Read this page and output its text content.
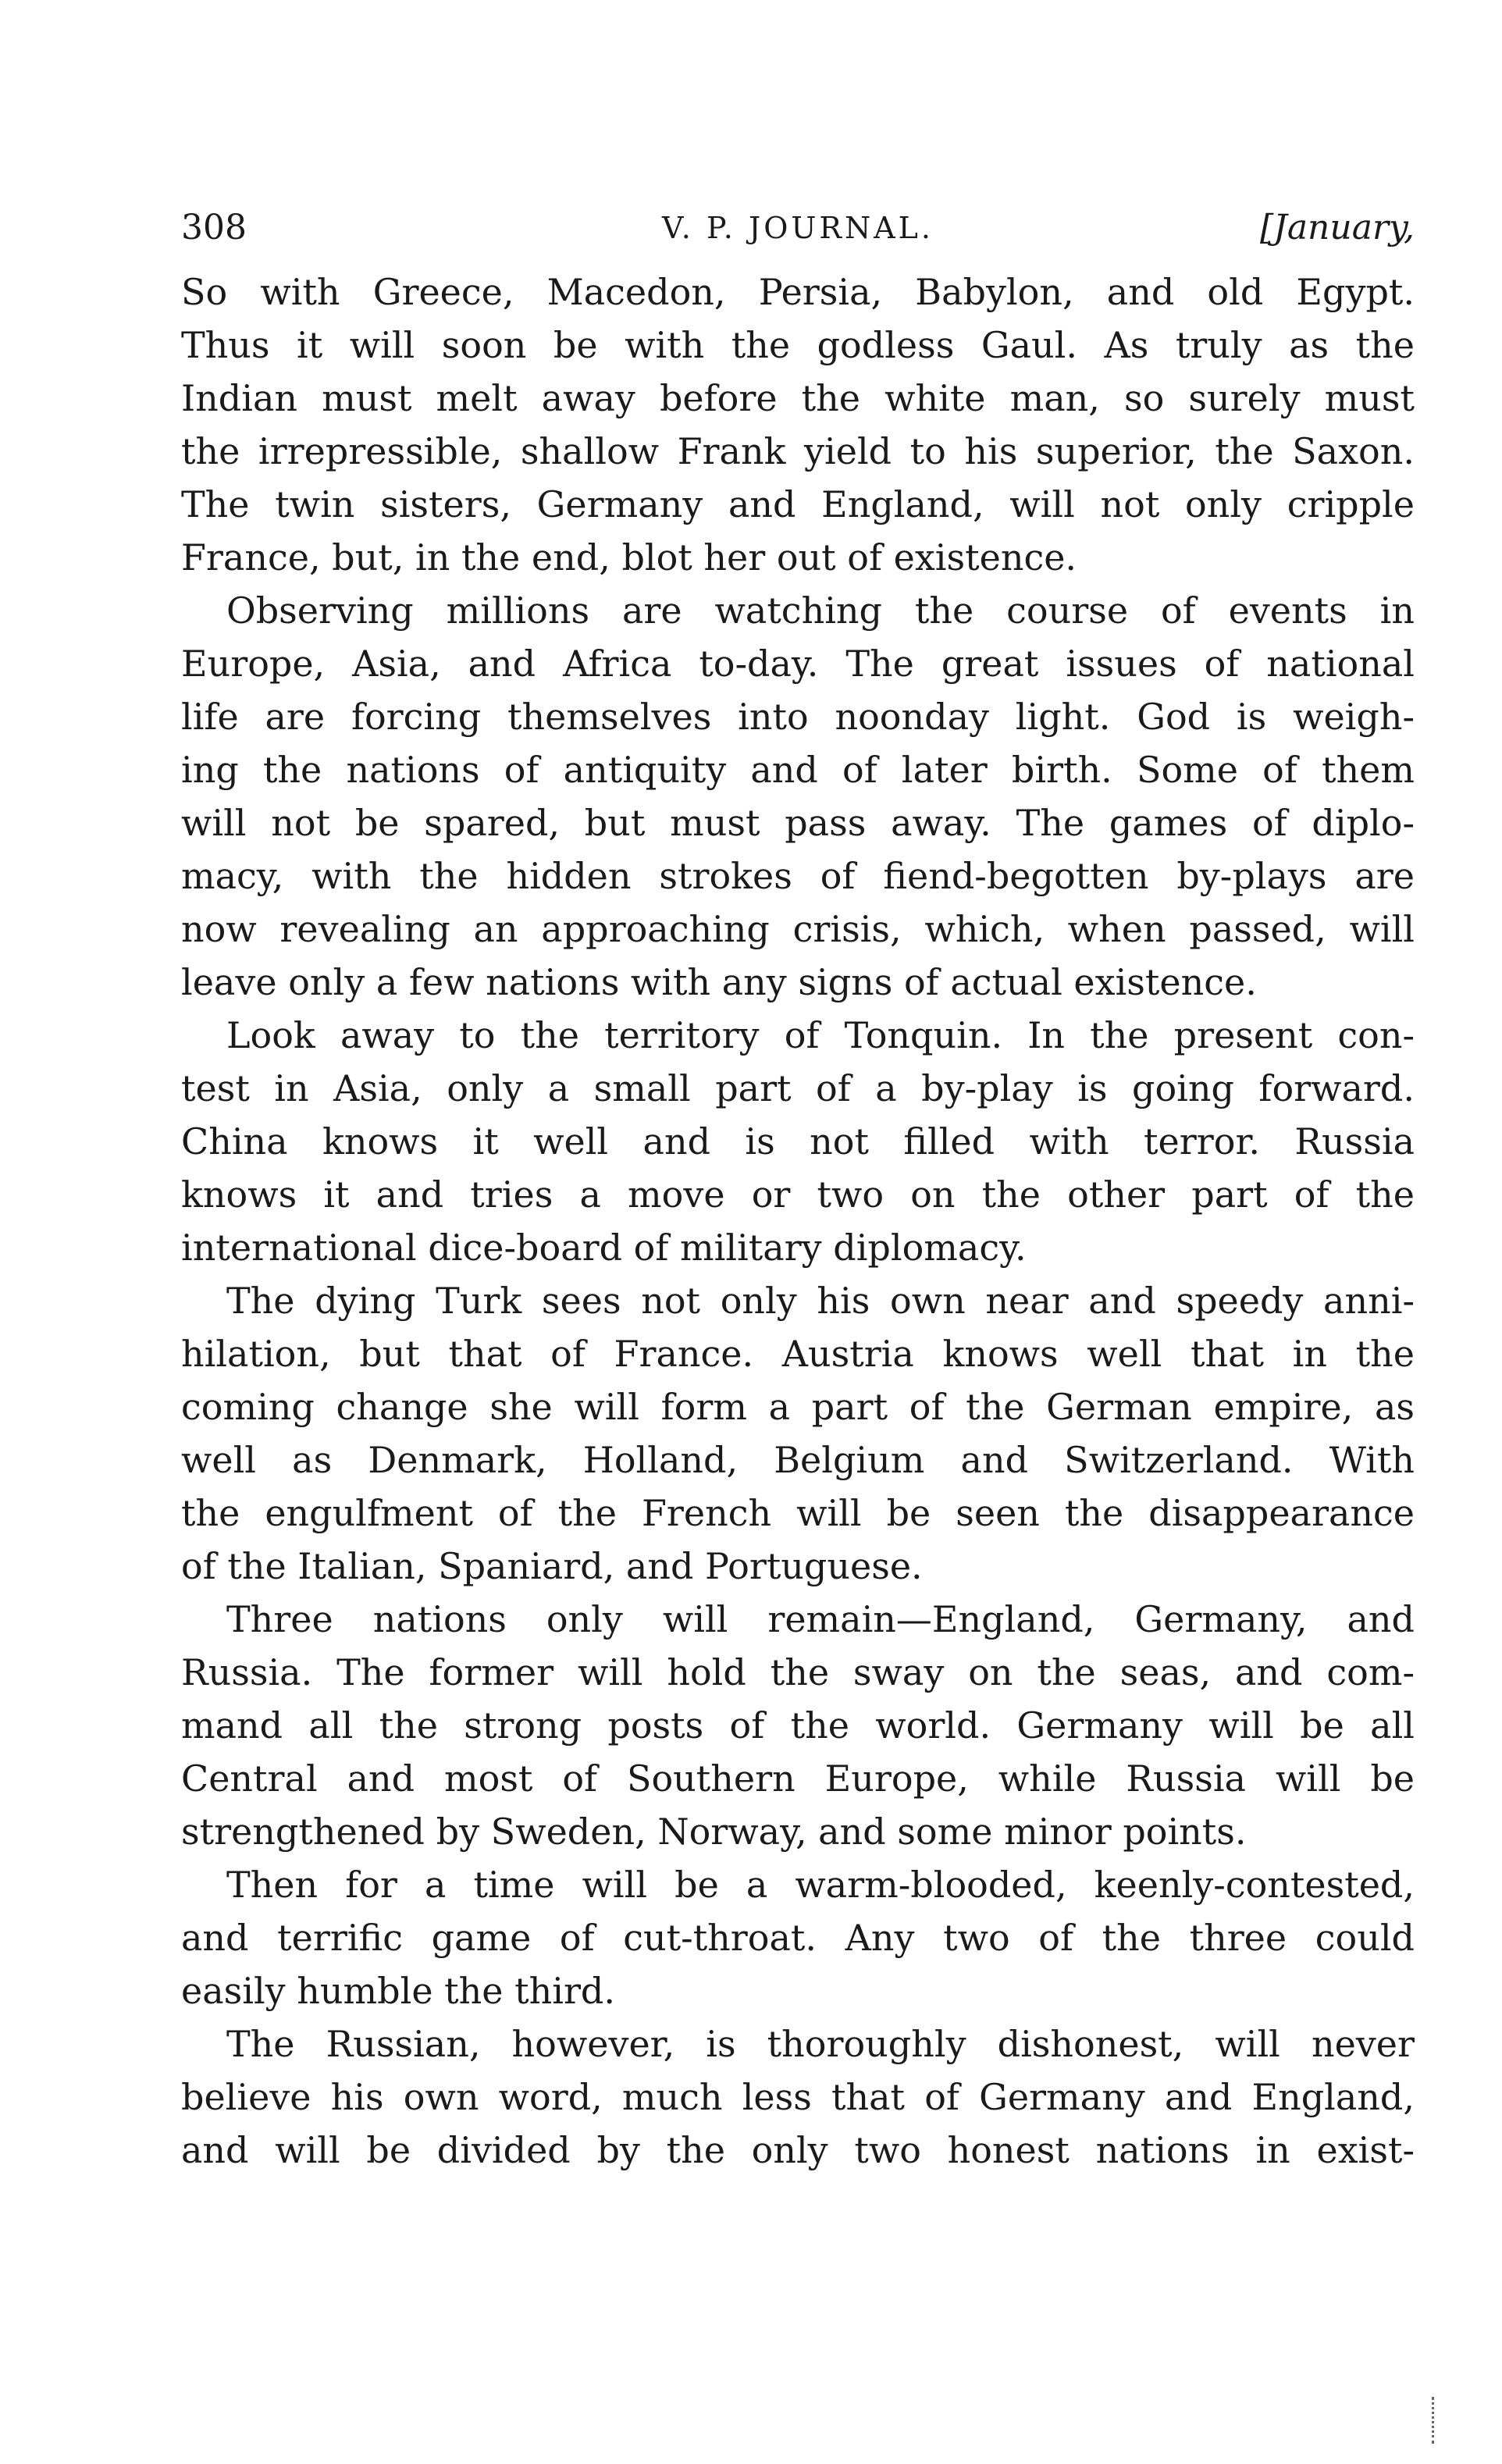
308	V. P. JOURNAL.	[January,
So with Greece, Macedon, Persia, Babylon, and old Egypt.
Thus it will soon be with the godless Gaul. As truly as the
Indian must melt away before the white man, so surely must
the irrepressible, shallow Frank yield to his superior, the Saxon.
The twin sisters, Germany and England, will not only cripple
France, but, in the end, blot her out of existence.
Observing millions are watching the course of events in
Europe, Asia, and Africa to-day. The great issues of national
life are forcing themselves into noonday light. God is weigh-
ing the nations of antiquity and of later birth. Some of them
will not be spared, but must pass away. The games of diplo-
macy, with the hidden strokes of fiend-begotten by-plays are
now revealing an approaching crisis, which, when passed, will
leave only a few nations with any signs of actual existence.
Look away to the territory of Tonquin. In the present con-
test in Asia, only a small part of a by-play is going forward.
China knows it well and is not filled with terror. Russia
knows it and tries a move or two on the other part of the
international dice-board of military diplomacy.
The dying Turk sees not only his own near and speedy anni-
hilation, but that of France. Austria knows well that in the
coming change she will form a part of the German empire, as
well as Denmark, Holland, Belgium and Switzerland. With
the engulfment of the French will be seen the disappearance
of the Italian, Spaniard, and Portuguese.
Three nations only will remain—England, Germany, and
Russia. The former will hold the sway on the seas, and com-
mand all the strong posts of the world. Germany will be all
Central and most of Southern Europe, while Russia will be
strengthened by Sweden, Norway, and some minor points.
Then for a time will be a warm-blooded, keenly-contested,
and terrific game of cut-throat. Any two of the three could
easily humble the third.
The Russian, however, is thoroughly dishonest, will never
believe his own word, much less that of Germany and England,
and will be divided by the only two honest nations in exist-
